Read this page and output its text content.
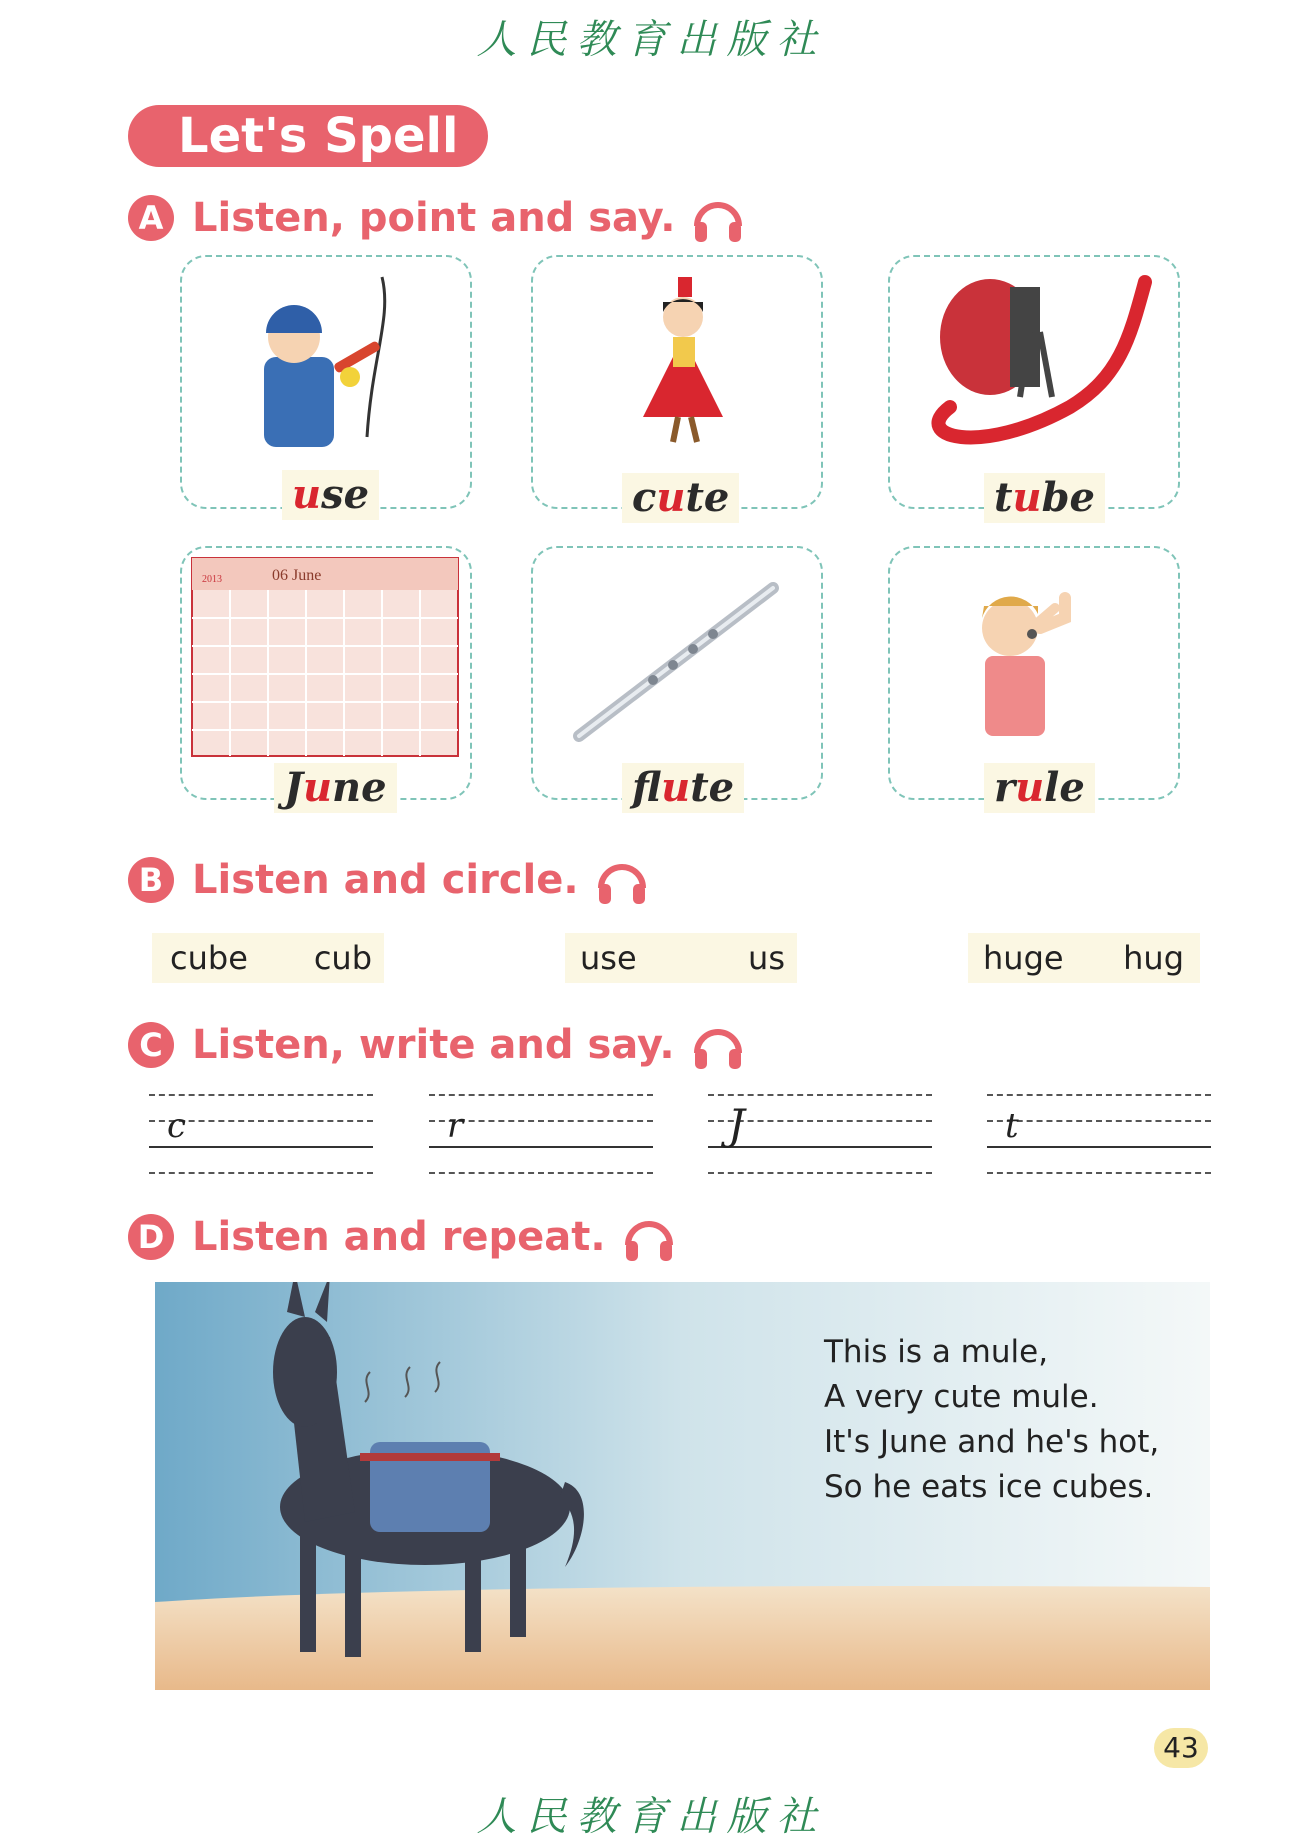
人民教育出版社
Let's Spell
A Listen, point and say.
use	cute	tube
2013	06 June
June	flute	rule
B Listen and circle.
cube cub	use	us	huge hug
C Listen, write and say.
c	r	J	t
D Listen and repeat.
This is a mule,
A very cute mule.
It's June and he's hot,
So he eats ice cubes.
43
人民教育出版社
